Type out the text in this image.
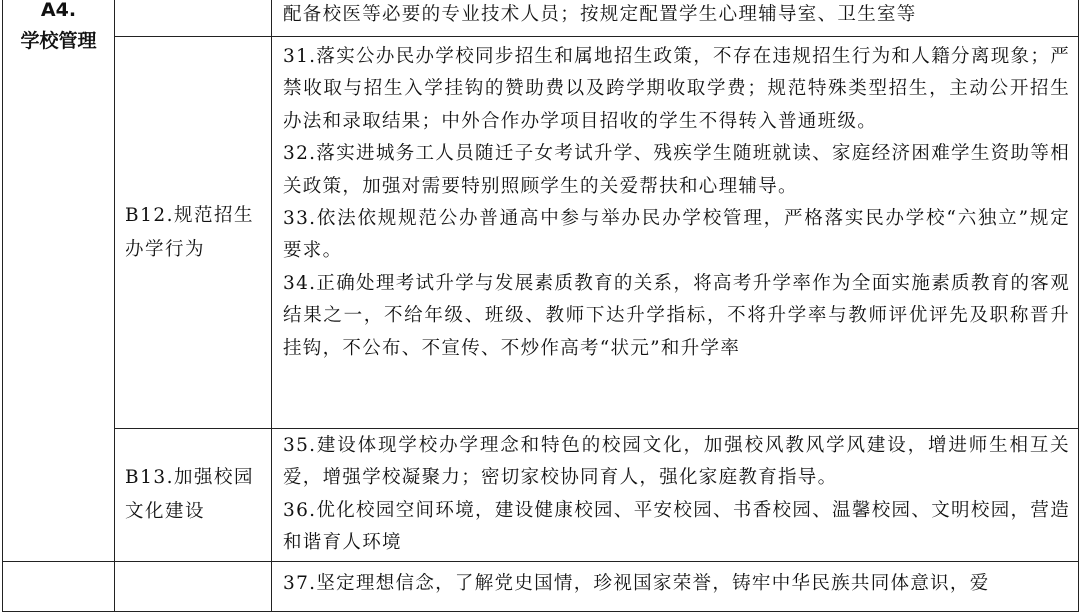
A4.
学校管理		配备校医等必要的专业技术人员；按规定配置学生心理辅导室、卫生室等

	B12.规范招生办学行为	31.落实公办民办学校同步招生和属地招生政策，不存在违规招生行为和人籍分离现象；严禁收取与招生入学挂钩的赞助费以及跨学期收取学费；规范特殊类型招生，主动公开招生办法和录取结果；中外合作办学项目招收的学生不得转入普通班级。

32.落实进城务工人员随迁子女考试升学、残疾学生随班就读、家庭经济困难学生资助等相关政策，加强对需要特别照顾学生的关爱帮扶和心理辅导。

33.依法依规规范公办普通高中参与举办民办学校管理，严格落实民办学校“六独立”规定要求。

34.正确处理考试升学与发展素质教育的关系，将高考升学率作为全面实施素质教育的客观结果之一，不给年级、班级、教师下达升学指标，不将升学率与教师评优评先及职称晋升挂钩，不公布、不宣传、不炒作高考“状元”和升学率

	B13.加强校园文化建设	35.建设体现学校办学理念和特色的校园文化，加强校风教风学风建设，增进师生相互关爱，增强学校凝聚力；密切家校协同育人，强化家庭教育指导。

36.优化校园空间环境，建设健康校园、平安校园、书香校园、温馨校园、文明校园，营造和谐育人环境

		37.坚定理想信念，了解党史国情，珍视国家荣誉，铸牢中华民族共同体意识，爱
